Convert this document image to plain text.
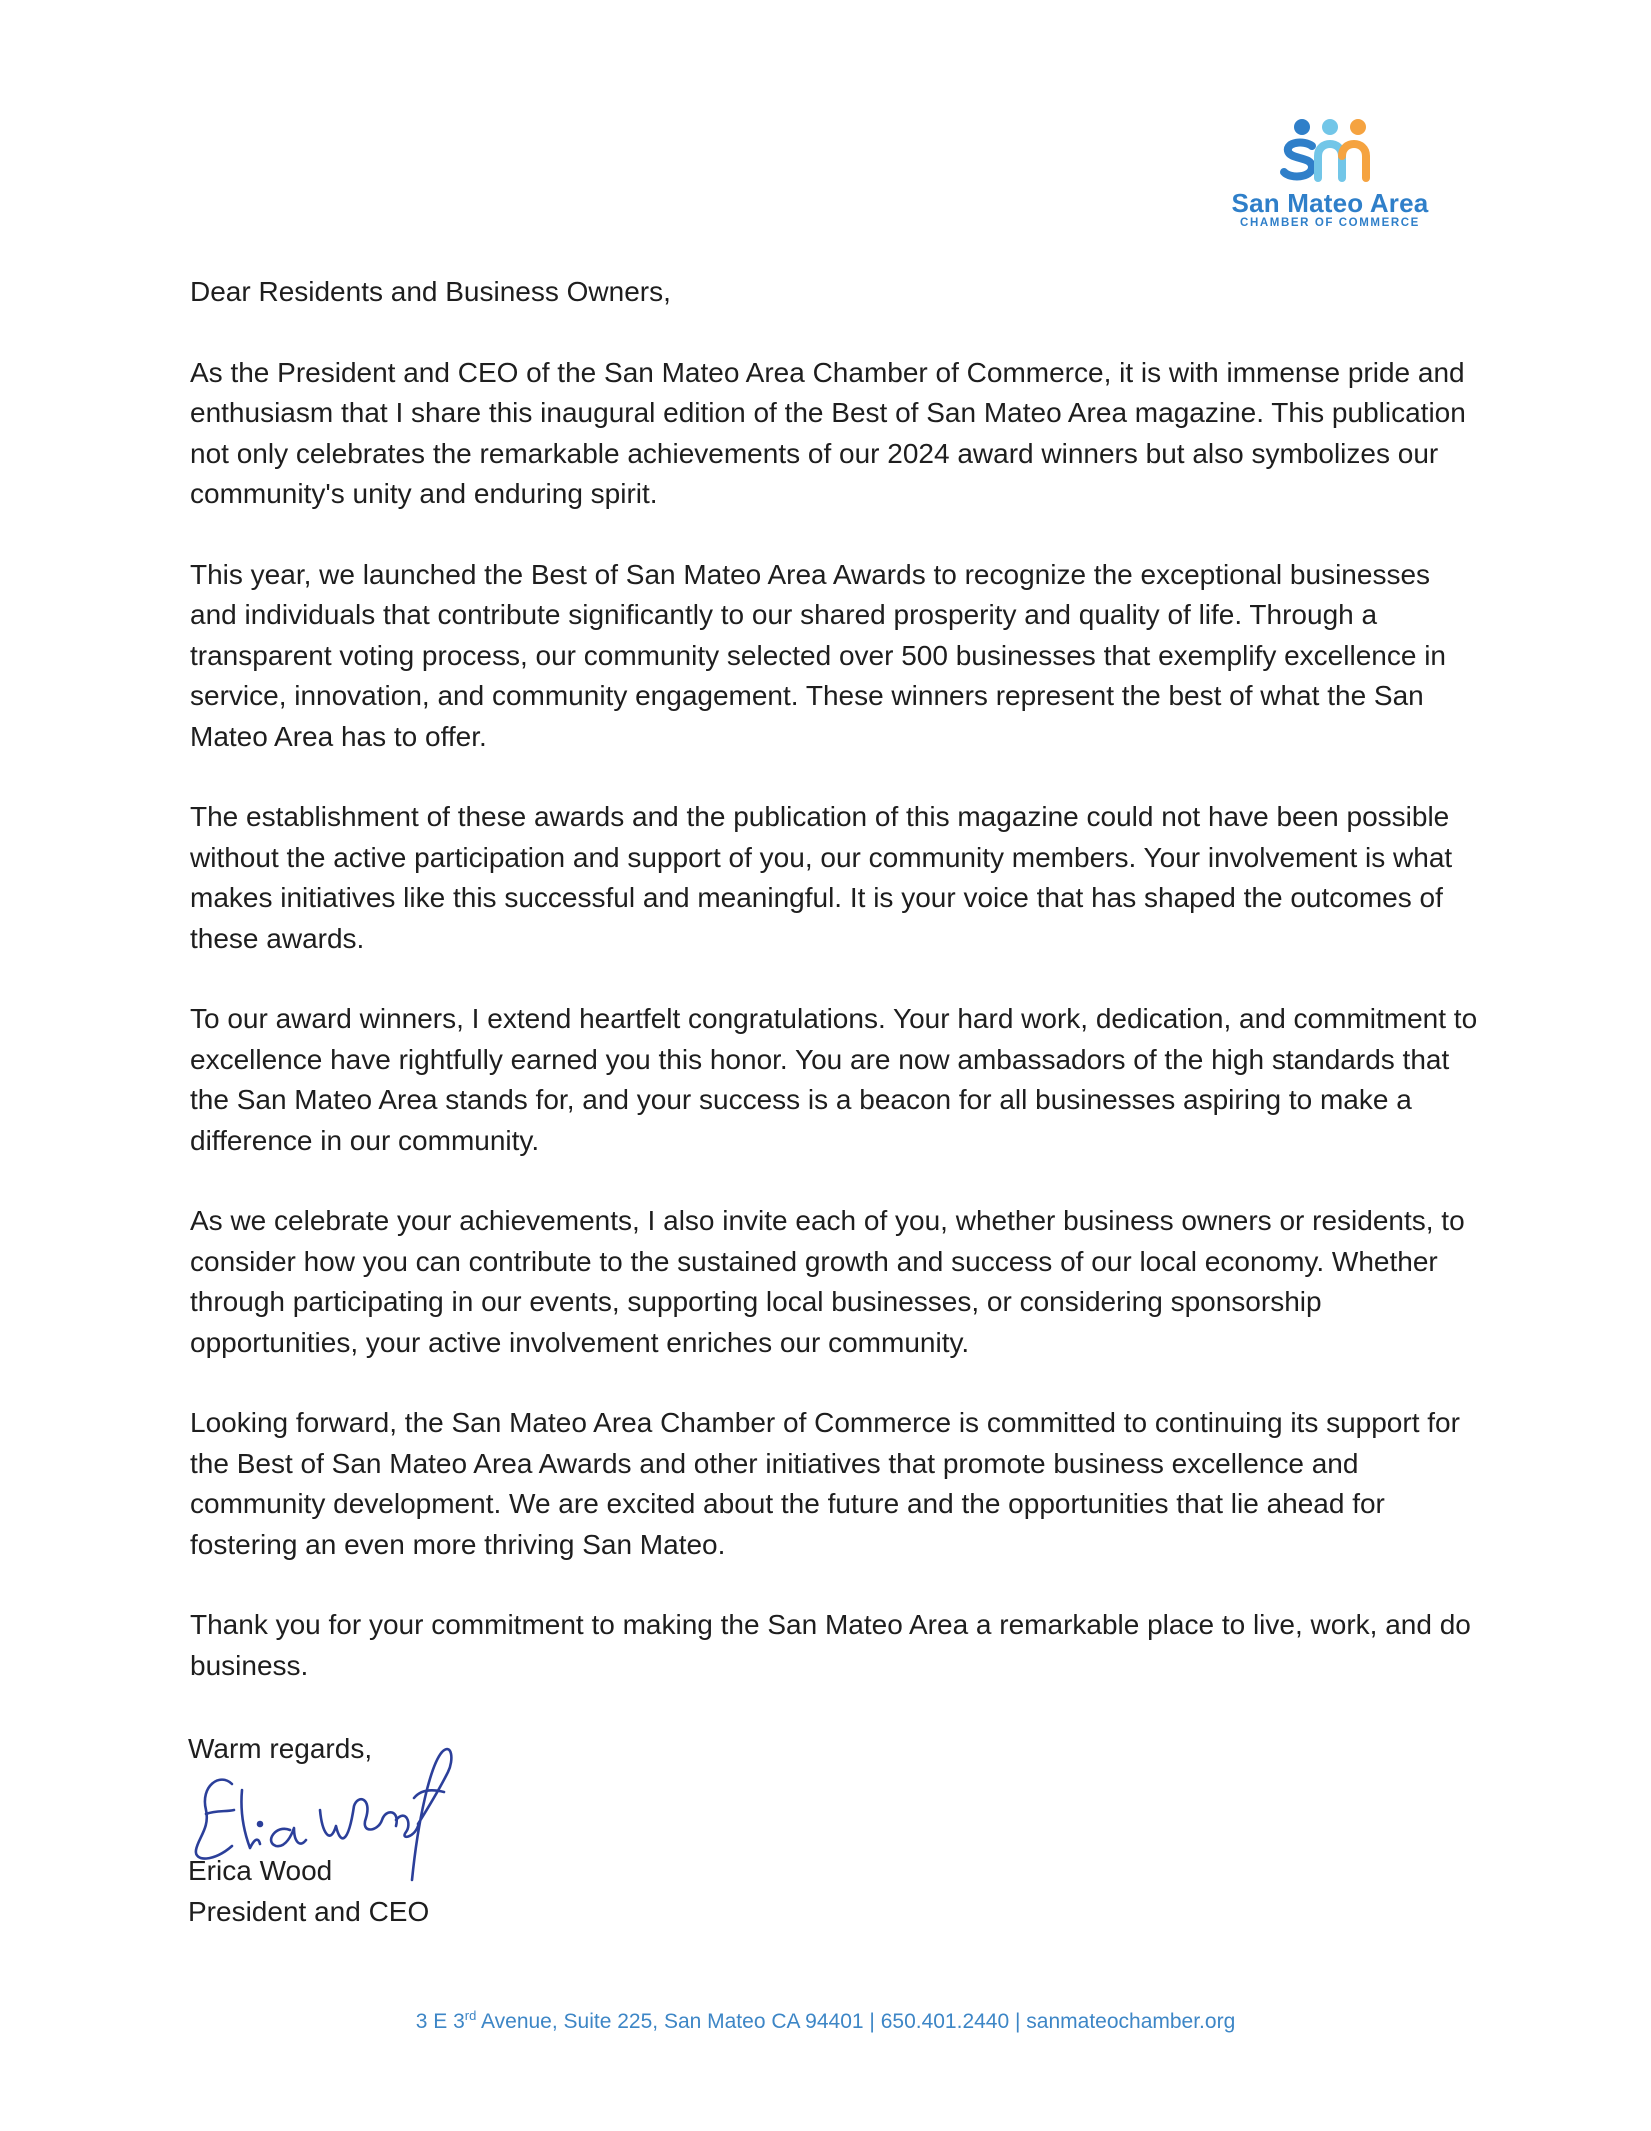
San Mateo Area
CHAMBER OF COMMERCE
Dear Residents and Business Owners,

As the President and CEO of the San Mateo Area Chamber of Commerce, it is with immense pride and enthusiasm that I share this inaugural edition of the Best of San Mateo Area magazine. This publication not only celebrates the remarkable achievements of our 2024 award winners but also symbolizes our community's unity and enduring spirit.

This year, we launched the Best of San Mateo Area Awards to recognize the exceptional businesses and individuals that contribute significantly to our shared prosperity and quality of life. Through a transparent voting process, our community selected over 500 businesses that exemplify excellence in service, innovation, and community engagement. These winners represent the best of what the San Mateo Area has to offer.

The establishment of these awards and the publication of this magazine could not have been possible without the active participation and support of you, our community members. Your involvement is what makes initiatives like this successful and meaningful. It is your voice that has shaped the outcomes of these awards.

To our award winners, I extend heartfelt congratulations. Your hard work, dedication, and commitment to excellence have rightfully earned you this honor. You are now ambassadors of the high standards that the San Mateo Area stands for, and your success is a beacon for all businesses aspiring to make a difference in our community.

As we celebrate your achievements, I also invite each of you, whether business owners or residents, to consider how you can contribute to the sustained growth and success of our local economy. Whether through participating in our events, supporting local businesses, or considering sponsorship opportunities, your active involvement enriches our community.

Looking forward, the San Mateo Area Chamber of Commerce is committed to continuing its support for the Best of San Mateo Area Awards and other initiatives that promote business excellence and community development. We are excited about the future and the opportunities that lie ahead for fostering an even more thriving San Mateo.

Thank you for your commitment to making the San Mateo Area a remarkable place to live, work, and do business.

Warm regards,
Erica Wood
President and CEO
3 E 3rd Avenue, Suite 225, San Mateo CA 94401 | 650.401.2440 | sanmateochamber.org
